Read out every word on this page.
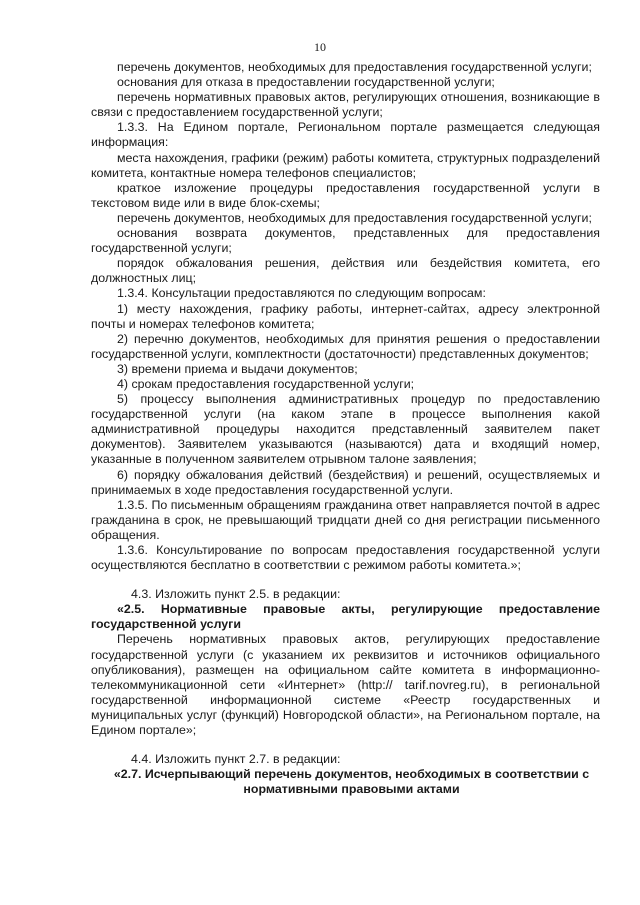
10

перечень документов, необходимых для предоставления государственной услуги;

основания для отказа в предоставлении государственной услуги;

перечень нормативных правовых актов, регулирующих отношения, возникающие в связи с предоставлением государственной услуги;

1.3.3. На Едином портале, Региональном портале размещается следующая информация:

места нахождения, графики (режим) работы комитета, структурных подразделений комитета, контактные номера телефонов специалистов;

краткое изложение процедуры предоставления государственной услуги в текстовом виде или в виде блок-схемы;

перечень документов, необходимых для предоставления государственной услуги;

основания возврата документов, представленных для предоставления государственной услуги;

порядок обжалования решения, действия или бездействия комитета, его должностных лиц;

1.3.4. Консультации предоставляются по следующим вопросам:

1) месту нахождения, графику работы, интернет-сайтах, адресу электронной почты и номерах телефонов комитета;

2) перечню документов, необходимых для принятия решения о предоставлении государственной услуги, комплектности (достаточности) представленных документов;

3) времени приема и выдачи документов;

4) срокам предоставления государственной услуги;

5) процессу выполнения административных процедур по предоставлению государственной услуги (на каком этапе в процессе выполнения какой административной процедуры находится представленный заявителем пакет документов). Заявителем указываются (называются) дата и входящий номер, указанные в полученном заявителем отрывном талоне заявления;

6) порядку обжалования действий (бездействия) и решений, осуществляемых и принимаемых в ходе предоставления государственной услуги.

1.3.5. По письменным обращениям гражданина ответ направляется почтой в адрес гражданина в срок, не превышающий тридцати дней со дня регистрации письменного обращения.

1.3.6. Консультирование по вопросам предоставления государственной услуги осуществляются бесплатно в соответствии с режимом работы комитета.»;

4.3. Изложить пункт 2.5. в редакции:

«2.5. Нормативные правовые акты, регулирующие предоставление государственной услуги

Перечень нормативных правовых актов, регулирующих предоставление государственной услуги (с указанием их реквизитов и источников официального опубликования), размещен на официальном сайте комитета в информационно-телекоммуникационной сети «Интернет» (http:// tarif.novreg.ru), в региональной государственной информационной системе «Реестр государственных и муниципальных услуг (функций) Новгородской области», на Региональном портале, на Едином портале»;

4.4. Изложить пункт 2.7. в редакции:

«2.7. Исчерпывающий перечень документов, необходимых в соответствии с нормативными правовыми актами
